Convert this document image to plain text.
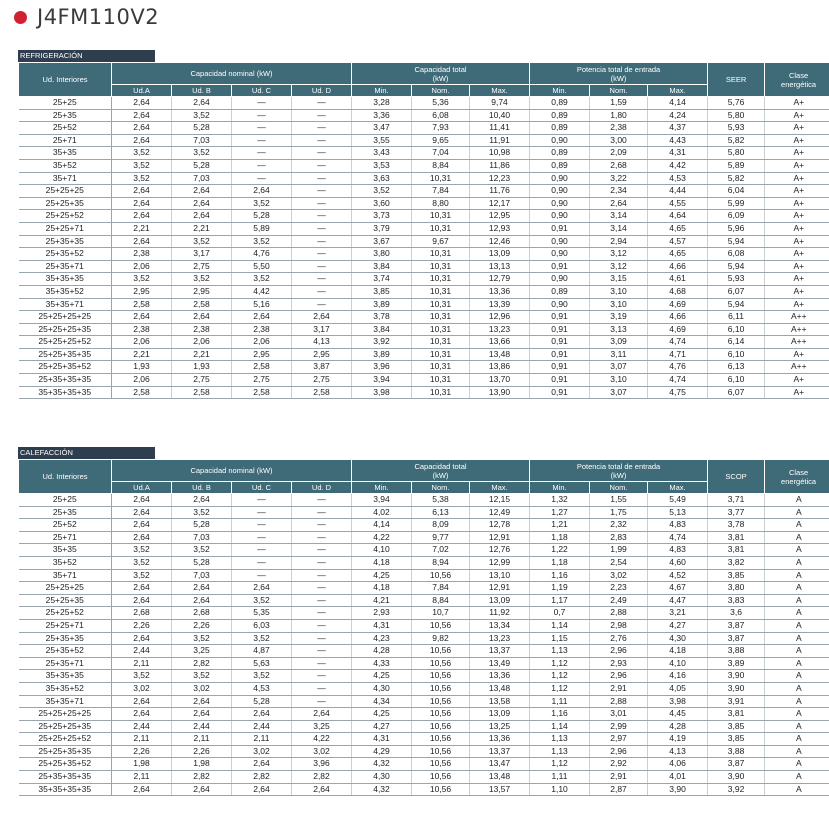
J4FM110V2
REFRIGERACIÓN
Ud. Interiores	Capacidad nominal (kW)				Capacidad total
(kW)			Potencia total de entrada
(kW)			SEER	Clase
energética
	Ud.A	Ud. B	Ud. C	Ud. D	Min.	Nom.	Max.	Min.	Nom.	Max.		
25+25	2,64	2,64	—	—	3,28	5,36	9,74	0,89	1,59	4,14	5,76	A+
25+35	2,64	3,52	—	—	3,36	6,08	10,40	0,89	1,80	4,24	5,80	A+
25+52	2,64	5,28	—	—	3,47	7,93	11,41	0,89	2,38	4,37	5,93	A+
25+71	2,64	7,03	—	—	3,55	9,65	11,91	0,90	3,00	4,43	5,82	A+
35+35	3,52	3,52	—	—	3,43	7,04	10,98	0,89	2,09	4,31	5,80	A+
35+52	3,52	5,28	—	—	3,53	8,84	11,86	0,89	2,68	4,42	5,89	A+
35+71	3,52	7,03	—	—	3,63	10,31	12,23	0,90	3,22	4,53	5,82	A+
25+25+25	2,64	2,64	2,64	—	3,52	7,84	11,76	0,90	2,34	4,44	6,04	A+
25+25+35	2,64	2,64	3,52	—	3,60	8,80	12,17	0,90	2,64	4,55	5,99	A+
25+25+52	2,64	2,64	5,28	—	3,73	10,31	12,95	0,90	3,14	4,64	6,09	A+
25+25+71	2,21	2,21	5,89	—	3,79	10,31	12,93	0,91	3,14	4,65	5,96	A+
25+35+35	2,64	3,52	3,52	—	3,67	9,67	12,46	0,90	2,94	4,57	5,94	A+
25+35+52	2,38	3,17	4,76	—	3,80	10,31	13,09	0,90	3,12	4,65	6,08	A+
25+35+71	2,06	2,75	5,50	—	3,84	10,31	13,13	0,91	3,12	4,66	5,94	A+
35+35+35	3,52	3,52	3,52	—	3,74	10,31	12,79	0,90	3,15	4,61	5,93	A+
35+35+52	2,95	2,95	4,42	—	3,85	10,31	13,36	0,89	3,10	4,68	6,07	A+
35+35+71	2,58	2,58	5,16	—	3,89	10,31	13,39	0,90	3,10	4,69	5,94	A+
25+25+25+25	2,64	2,64	2,64	2,64	3,78	10,31	12,96	0,91	3,19	4,66	6,11	A++
25+25+25+35	2,38	2,38	2,38	3,17	3,84	10,31	13,23	0,91	3,13	4,69	6,10	A++
25+25+25+52	2,06	2,06	2,06	4,13	3,92	10,31	13,66	0,91	3,09	4,74	6,14	A++
25+25+35+35	2,21	2,21	2,95	2,95	3,89	10,31	13,48	0,91	3,11	4,71	6,10	A+
25+25+35+52	1,93	1,93	2,58	3,87	3,96	10,31	13,86	0,91	3,07	4,76	6,13	A++
25+35+35+35	2,06	2,75	2,75	2,75	3,94	10,31	13,70	0,91	3,10	4,74	6,10	A+
35+35+35+35	2,58	2,58	2,58	2,58	3,98	10,31	13,90	0,91	3,07	4,75	6,07	A+
CALEFACCIÓN
Ud. Interiores	Capacidad nominal (kW)				Capacidad total
(kW)			Potencia total de entrada
(kW)			SCOP	Clase
energética
	Ud.A	Ud. B	Ud. C	Ud. D	Min.	Nom.	Max.	Min.	Nom.	Max.		
25+25	2,64	2,64	—	—	3,94	5,38	12,15	1,32	1,55	5,49	3,71	A
25+35	2,64	3,52	—	—	4,02	6,13	12,49	1,27	1,75	5,13	3,77	A
25+52	2,64	5,28	—	—	4,14	8,09	12,78	1,21	2,32	4,83	3,78	A
25+71	2,64	7,03	—	—	4,22	9,77	12,91	1,18	2,83	4,74	3,81	A
35+35	3,52	3,52	—	—	4,10	7,02	12,76	1,22	1,99	4,83	3,81	A
35+52	3,52	5,28	—	—	4,18	8,94	12,99	1,18	2,54	4,60	3,82	A
35+71	3,52	7,03	—	—	4,25	10,56	13,10	1,16	3,02	4,52	3,85	A
25+25+25	2,64	2,64	2,64	—	4,18	7,84	12,91	1,19	2,23	4,67	3,80	A
25+25+35	2,64	2,64	3,52	—	4,21	8,84	13,09	1,17	2,49	4,47	3,83	A
25+25+52	2,68	2,68	5,35	—	2,93	10,7	11,92	0,7	2,88	3,21	3,6	A
25+25+71	2,26	2,26	6,03	—	4,31	10,56	13,34	1,14	2,98	4,27	3,87	A
25+35+35	2,64	3,52	3,52	—	4,23	9,82	13,23	1,15	2,76	4,30	3,87	A
25+35+52	2,44	3,25	4,87	—	4,28	10,56	13,37	1,13	2,96	4,18	3,88	A
25+35+71	2,11	2,82	5,63	—	4,33	10,56	13,49	1,12	2,93	4,10	3,89	A
35+35+35	3,52	3,52	3,52	—	4,25	10,56	13,36	1,12	2,96	4,16	3,90	A
35+35+52	3,02	3,02	4,53	—	4,30	10,56	13,48	1,12	2,91	4,05	3,90	A
35+35+71	2,64	2,64	5,28	—	4,34	10,56	13,58	1,11	2,88	3,98	3,91	A
25+25+25+25	2,64	2,64	2,64	2,64	4,25	10,56	13,09	1,16	3,01	4,45	3,81	A
25+25+25+35	2,44	2,44	2,44	3,25	4,27	10,56	13,25	1,14	2,99	4,28	3,85	A
25+25+25+52	2,11	2,11	2,11	4,22	4,31	10,56	13,36	1,13	2,97	4,19	3,85	A
25+25+35+35	2,26	2,26	3,02	3,02	4,29	10,56	13,37	1,13	2,96	4,13	3,88	A
25+25+35+52	1,98	1,98	2,64	3,96	4,32	10,56	13,47	1,12	2,92	4,06	3,87	A
25+35+35+35	2,11	2,82	2,82	2,82	4,30	10,56	13,48	1,11	2,91	4,01	3,90	A
35+35+35+35	2,64	2,64	2,64	2,64	4,32	10,56	13,57	1,10	2,87	3,90	3,92	A
